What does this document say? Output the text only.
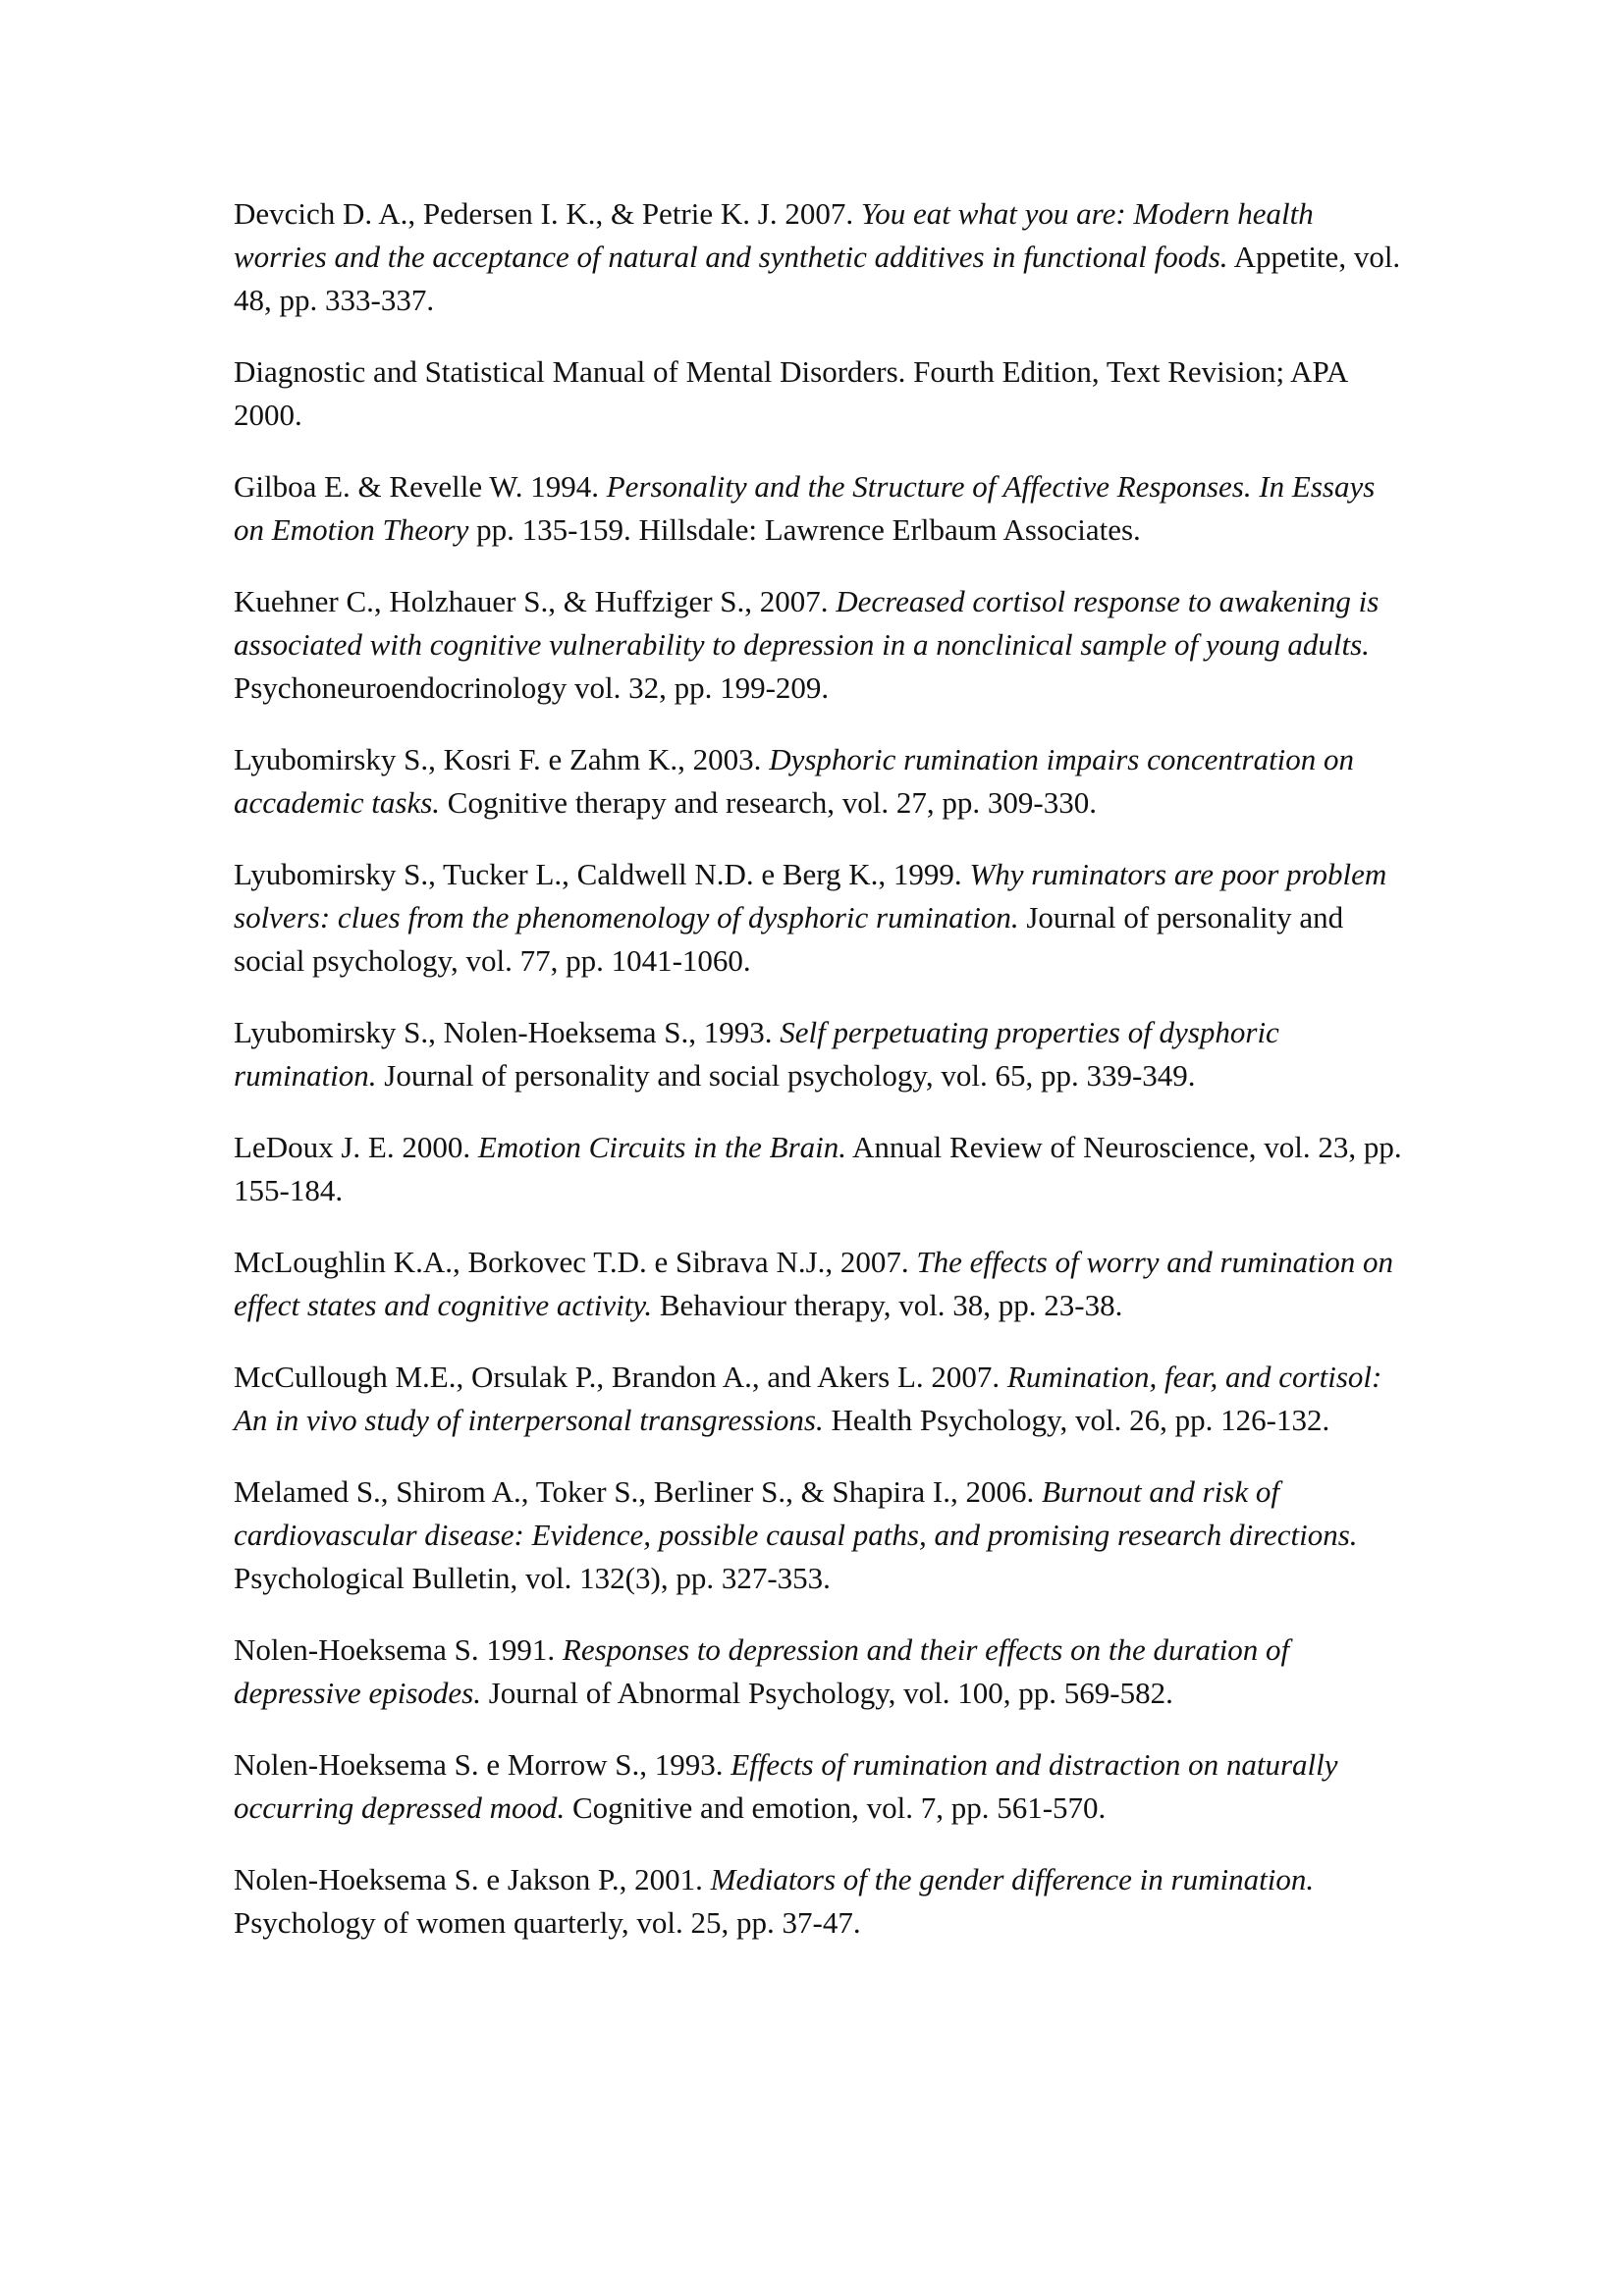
Devcich D. A., Pedersen I. K., & Petrie K. J. 2007. You eat what you are: Modern health worries and the acceptance of natural and synthetic additives in functional foods. Appetite, vol. 48, pp. 333-337.

Diagnostic and Statistical Manual of Mental Disorders. Fourth Edition, Text Revision; APA 2000.

Gilboa E. & Revelle W. 1994. Personality and the Structure of Affective Responses. In Essays on Emotion Theory pp. 135-159. Hillsdale: Lawrence Erlbaum Associates.

Kuehner C., Holzhauer S., & Huffziger S., 2007. Decreased cortisol response to awakening is associated with cognitive vulnerability to depression in a nonclinical sample of young adults. Psychoneuroendocrinology vol. 32, pp. 199-209.

Lyubomirsky S., Kosri F. e Zahm K., 2003. Dysphoric rumination impairs concentration on accademic tasks. Cognitive therapy and research, vol. 27, pp. 309-330.

Lyubomirsky S., Tucker L., Caldwell N.D. e Berg K., 1999. Why ruminators are poor problem solvers: clues from the phenomenology of dysphoric rumination. Journal of personality and social psychology, vol. 77, pp. 1041-1060.

Lyubomirsky S., Nolen-Hoeksema S., 1993. Self perpetuating properties of dysphoric rumination. Journal of personality and social psychology, vol. 65, pp. 339-349.

LeDoux J. E. 2000. Emotion Circuits in the Brain. Annual Review of Neuroscience, vol. 23, pp. 155-184.

McLoughlin K.A., Borkovec T.D. e Sibrava N.J., 2007. The effects of worry and rumination on effect states and cognitive activity. Behaviour therapy, vol. 38, pp. 23-38.

McCullough M.E., Orsulak P., Brandon A., and Akers L. 2007. Rumination, fear, and cortisol: An in vivo study of interpersonal transgressions. Health Psychology, vol. 26, pp. 126-132.

Melamed S., Shirom A., Toker S., Berliner S., & Shapira I., 2006. Burnout and risk of cardiovascular disease: Evidence, possible causal paths, and promising research directions. Psychological Bulletin, vol. 132(3), pp. 327-353.

Nolen-Hoeksema S. 1991. Responses to depression and their effects on the duration of depressive episodes. Journal of Abnormal Psychology, vol. 100, pp. 569-582.

Nolen-Hoeksema S. e Morrow S., 1993. Effects of rumination and distraction on naturally occurring depressed mood. Cognitive and emotion, vol. 7, pp. 561-570.

Nolen-Hoeksema S. e Jakson P., 2001. Mediators of the gender difference in rumination. Psychology of women quarterly, vol. 25, pp. 37-47.
